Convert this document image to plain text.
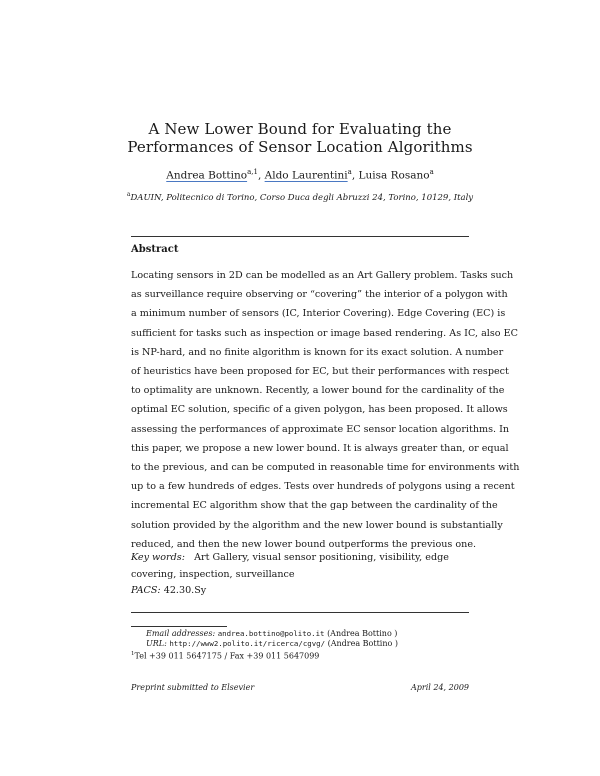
A New Lower Bound for Evaluating the
Performances of Sensor Location Algorithms
Andrea Bottino$^{a,1}$, Aldo Laurentini$^a$, Luisa Rosano$^a$
$^a$DAUIN, Politecnico di Torino, Corso Duca degli Abruzzi 24, Torino, 10129, Italy
Abstract
Locating sensors in 2D can be modelled as an Art Gallery problem. Tasks such
as surveillance require observing or “covering” the interior of a polygon with
a minimum number of sensors (IC, Interior Covering). Edge Covering (EC) is
sufficient for tasks such as inspection or image based rendering. As IC, also EC
is NP-hard, and no finite algorithm is known for its exact solution. A number
of heuristics have been proposed for EC, but their performances with respect
to optimality are unknown. Recently, a lower bound for the cardinality of the
optimal EC solution, specific of a given polygon, has been proposed. It allows
assessing the performances of approximate EC sensor location algorithms. In
this paper, we propose a new lower bound. It is always greater than, or equal
to the previous, and can be computed in reasonable time for environments with
up to a few hundreds of edges. Tests over hundreds of polygons using a recent
incremental EC algorithm show that the gap between the cardinality of the
solution provided by the algorithm and the new lower bound is substantially
reduced, and then the new lower bound outperforms the previous one.
Key words: Art Gallery, visual sensor positioning, visibility, edge covering, inspection, surveillance
PACS: 42.30.Sy
Email addresses: andrea.bottino@polito.it (Andrea Bottino )
URL: http://www2.polito.it/ricerca/cgvg/ (Andrea Bottino )
$^1$Tel +39 011 5647175 / Fax +39 011 5647099
Preprint submitted to Elsevier	April 24, 2009
